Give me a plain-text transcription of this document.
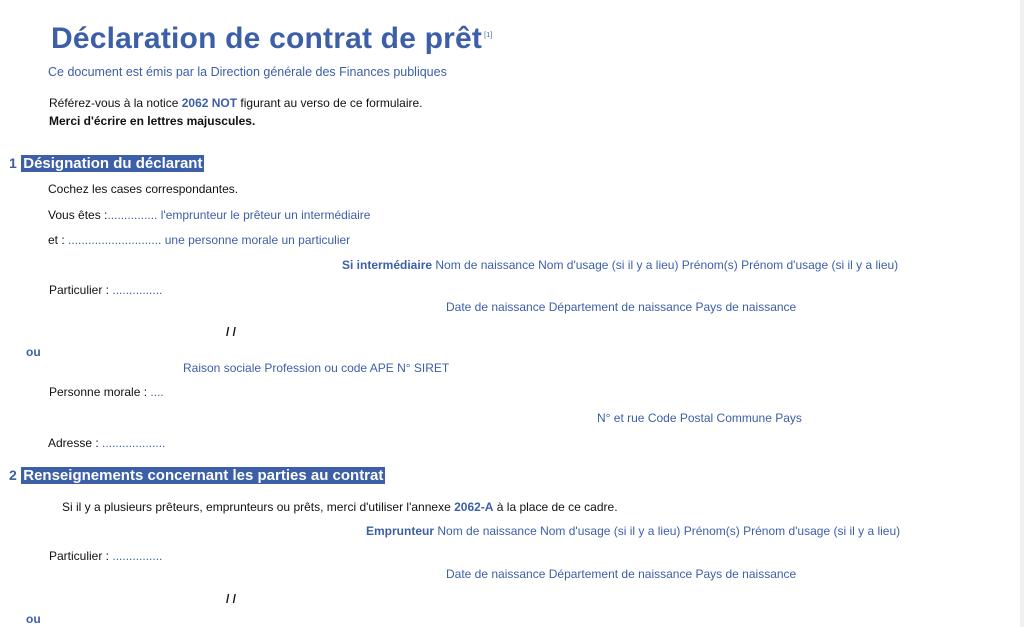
Déclaration de contrat de prêt [1]
Ce document est émis par la Direction générale des Finances publiques
Référez-vous à la notice 2062 NOT figurant au verso de ce formulaire.
Merci d'écrire en lettres majuscules.
1 Désignation du déclarant
Cochez les cases correspondantes.
Vous êtes :............... l'emprunteur le prêteur un intermédiaire
et : ............................ une personne morale un particulier
Si intermédiaire Nom de naissance Nom d'usage (si il y a lieu) Prénom(s) Prénom d'usage (si il y a lieu)
Particulier : ...............
Date de naissance Département de naissance Pays de naissance
/ /
ou
Raison sociale Profession ou code APE N° SIRET
Personne morale : ....
N° et rue Code Postal Commune Pays
Adresse : ...................
2 Renseignements concernant les parties au contrat
Si il y a plusieurs prêteurs, emprunteurs ou prêts, merci d'utiliser l'annexe 2062-A à la place de ce cadre.
Emprunteur Nom de naissance Nom d'usage (si il y a lieu) Prénom(s) Prénom d'usage (si il y a lieu)
Particulier : ...............
Date de naissance Département de naissance Pays de naissance
/ /
ou
